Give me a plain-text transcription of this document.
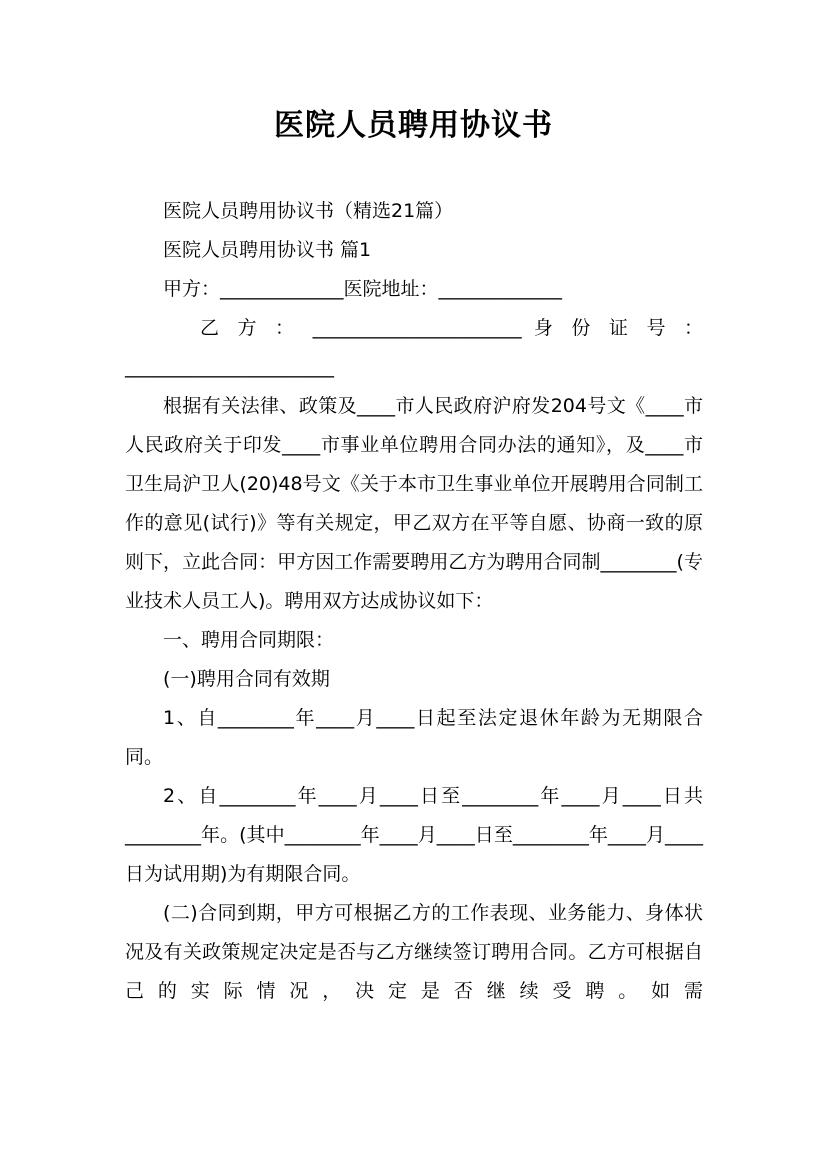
医院人员聘用协议书

医院人员聘用协议书（精选21篇）

医院人员聘用协议书 篇1

甲方：_____________医院地址：_____________

乙 方 ： ______________________ 身 份 证 号 ：

______________________

根据有关法律、政策及____市人民政府沪府发204号文《____市人民政府关于印发____市事业单位聘用合同办法的通知》，及____市卫生局沪卫人(20)48号文《关于本市卫生事业单位开展聘用合同制工作的意见(试行)》等有关规定，甲乙双方在平等自愿、协商一致的原则下，立此合同：甲方因工作需要聘用乙方为聘用合同制________(专业技术人员工人)。聘用双方达成协议如下：

一、聘用合同期限：

(一)聘用合同有效期

1、自________年____月____日起至法定退休年龄为无期限合同。

2、自________年____月____日至________年____月____日共________年。(其中________年____月____日至________年____月____日为试用期)为有期限合同。

(二)合同到期，甲方可根据乙方的工作表现、业务能力、身体状况及有关政策规定决定是否与乙方继续签订聘用合同。乙方可根据自己的实际情况，决定是否继续受聘。如需
